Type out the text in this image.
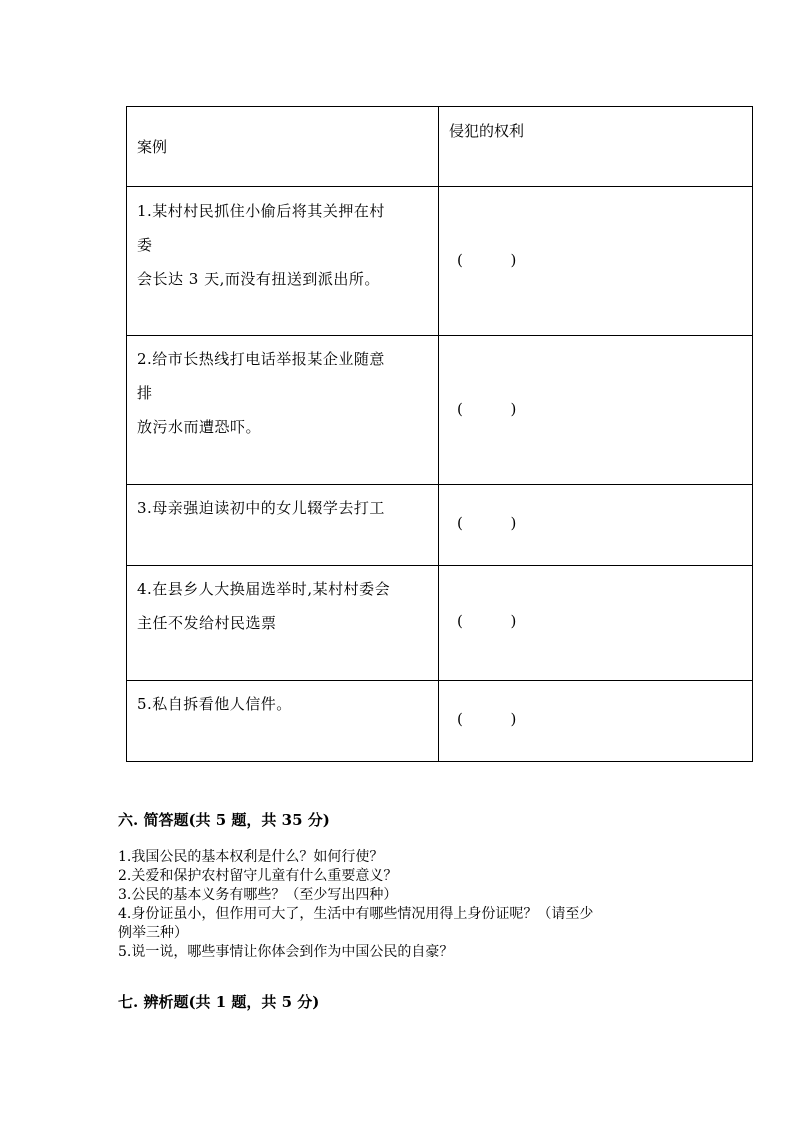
案例	侵犯的权利

1.某村村民抓住小偷后将其关押在村
委
会长达 3 天,而没有扭送到派出所。	(          )

2.给市长热线打电话举报某企业随意
排
放污水而遭恐吓。	(          )

3.母亲强迫读初中的女儿辍学去打工	(          )

4.在县乡人大换届选举时,某村村委会
主任不发给村民选票	(          )

5.私自拆看他人信件。	(          )
六. 简答题(共 5 题，共 35 分)
1.我国公民的基本权利是什么？如何行使？
2.关爱和保护农村留守儿童有什么重要意义？
3.公民的基本义务有哪些？（至少写出四种）
4.身份证虽小，但作用可大了，生活中有哪些情况用得上身份证呢？（请至少
例举三种）
5.说一说，哪些事情让你体会到作为中国公民的自豪？
七. 辨析题(共 1 题，共 5 分)
